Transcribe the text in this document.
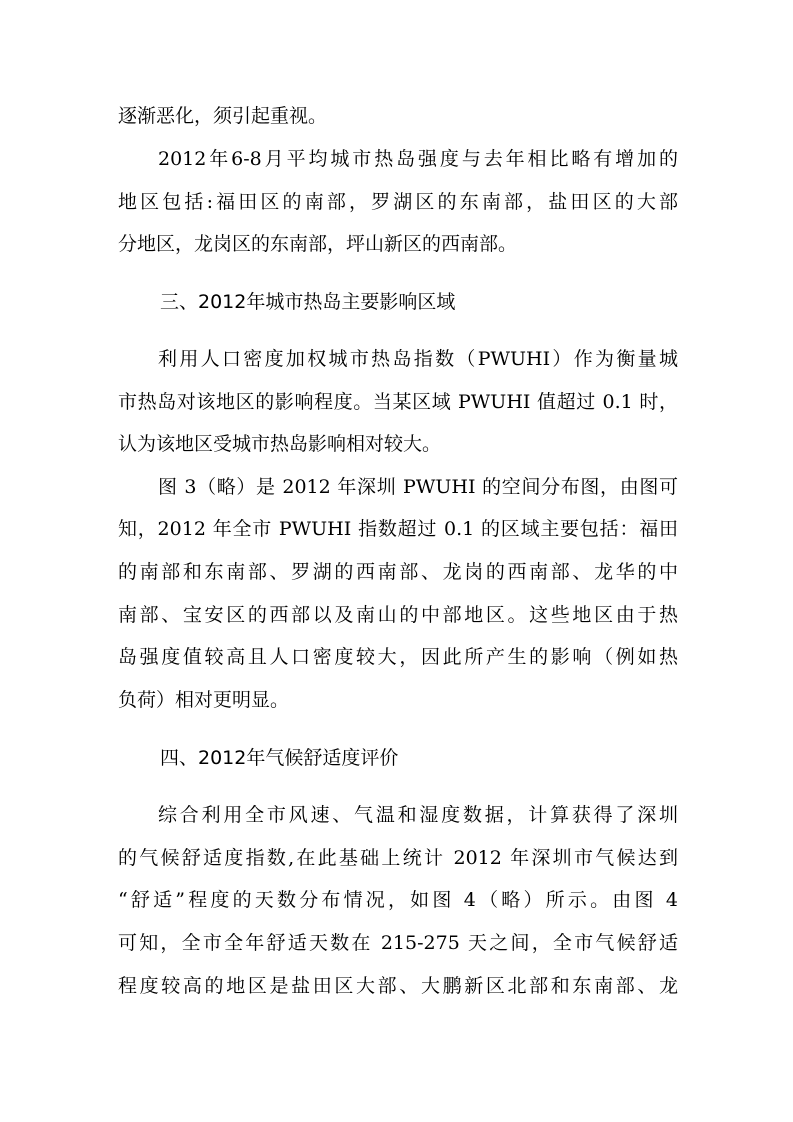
逐渐恶化，须引起重视。
2012年6-8月平均城市热岛强度与去年相比略有增加的
地区包括:福田区的南部，罗湖区的东南部，盐田区的大部
分地区，龙岗区的东南部，坪山新区的西南部。
三、2012年城市热岛主要影响区域
利用人口密度加权城市热岛指数（PWUHI）作为衡量城
市热岛对该地区的影响程度。当某区域 PWUHI 值超过 0.1 时，
认为该地区受城市热岛影响相对较大。
图 3（略）是 2012 年深圳 PWUHI 的空间分布图，由图可
知，2012 年全市 PWUHI 指数超过 0.1 的区域主要包括：福田
的南部和东南部、罗湖的西南部、龙岗的西南部、龙华的中
南部、宝安区的西部以及南山的中部地区。这些地区由于热
岛强度值较高且人口密度较大，因此所产生的影响（例如热
负荷）相对更明显。
四、2012年气候舒适度评价
综合利用全市风速、气温和湿度数据，计算获得了深圳
的气候舒适度指数,在此基础上统计 2012 年深圳市气候达到
“舒适”程度的天数分布情况，如图 4（略）所示。由图 4
可知，全市全年舒适天数在 215-275 天之间，全市气候舒适
程度较高的地区是盐田区大部、大鹏新区北部和东南部、龙
